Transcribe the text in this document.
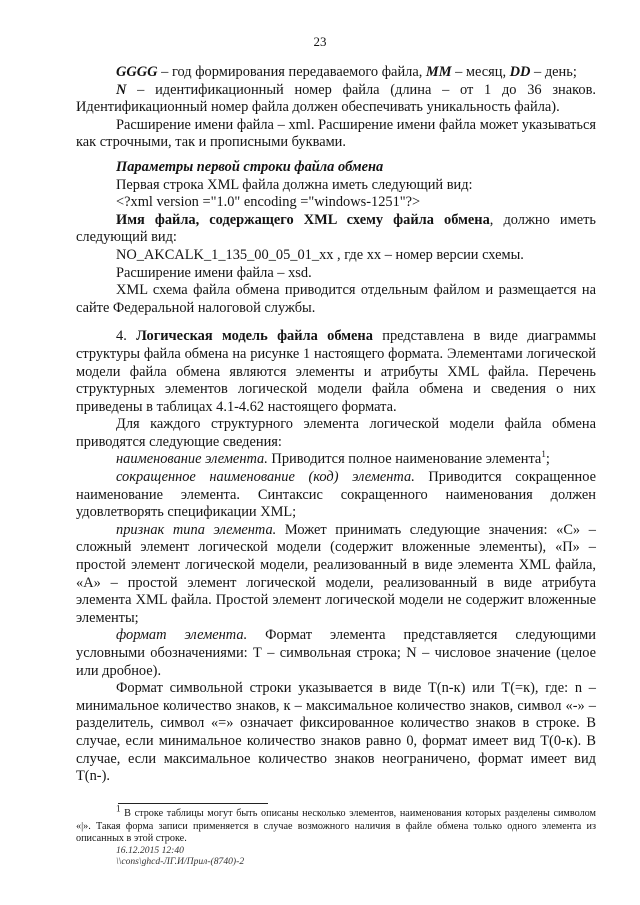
23

GGGG – год формирования передаваемого файла, MM – месяц, DD – день;

N – идентификационный номер файла (длина – от 1 до 36 знаков. Идентификационный номер файла должен обеспечивать уникальность файла).

Расширение имени файла – xml. Расширение имени файла может указываться как строчными, так и прописными буквами.

Параметры первой строки файла обмена

Первая строка XML файла должна иметь следующий вид:

<?xml version ="1.0" encoding ="windows-1251"?>

Имя файла, содержащего XML схему файла обмена, должно иметь следующий вид:

NO_AKCALK_1_135_00_05_01_xx , где хх – номер версии схемы.

Расширение имени файла – xsd.

XML схема файла обмена приводится отдельным файлом и размещается на сайте Федеральной налоговой службы.

4. Логическая модель файла обмена представлена в виде диаграммы структуры файла обмена на рисунке 1 настоящего формата. Элементами логической модели файла обмена являются элементы и атрибуты XML файла. Перечень структурных элементов логической модели файла обмена и сведения о них приведены в таблицах 4.1-4.62 настоящего формата.

Для каждого структурного элемента логической модели файла обмена приводятся следующие сведения:

наименование элемента. Приводится полное наименование элемента$^1$;

сокращенное наименование (код) элемента. Приводится сокращенное наименование элемента. Синтаксис сокращенного наименования должен удовлетворять спецификации XML;

признак типа элемента. Может принимать следующие значения: «С» – сложный элемент логической модели (содержит вложенные элементы), «П» – простой элемент логической модели, реализованный в виде элемента XML файла, «А» – простой элемент логической модели, реализованный в виде атрибута элемента XML файла. Простой элемент логической модели не содержит вложенные элементы;

формат элемента. Формат элемента представляется следующими условными обозначениями: Т – символьная строка; N – числовое значение (целое или дробное).

Формат символьной строки указывается в виде Т(n-к) или Т(=к), где: n – минимальное количество знаков, к – максимальное количество знаков, символ «-» – разделитель, символ «=» означает фиксированное количество знаков в строке. В случае, если минимальное количество знаков равно 0, формат имеет вид Т(0-к). В случае, если максимальное количество знаков неограничено, формат имеет вид Т(n-).

$^1$ В строке таблицы могут быть описаны несколько элементов, наименования которых разделены символом «|». Такая форма записи применяется в случае возможного наличия в файле обмена только одного элемента из описанных в этой строке.

16.12.2015 12:40
\\cons\ghcd-ЛГ.И/Прил-(8740)-2
